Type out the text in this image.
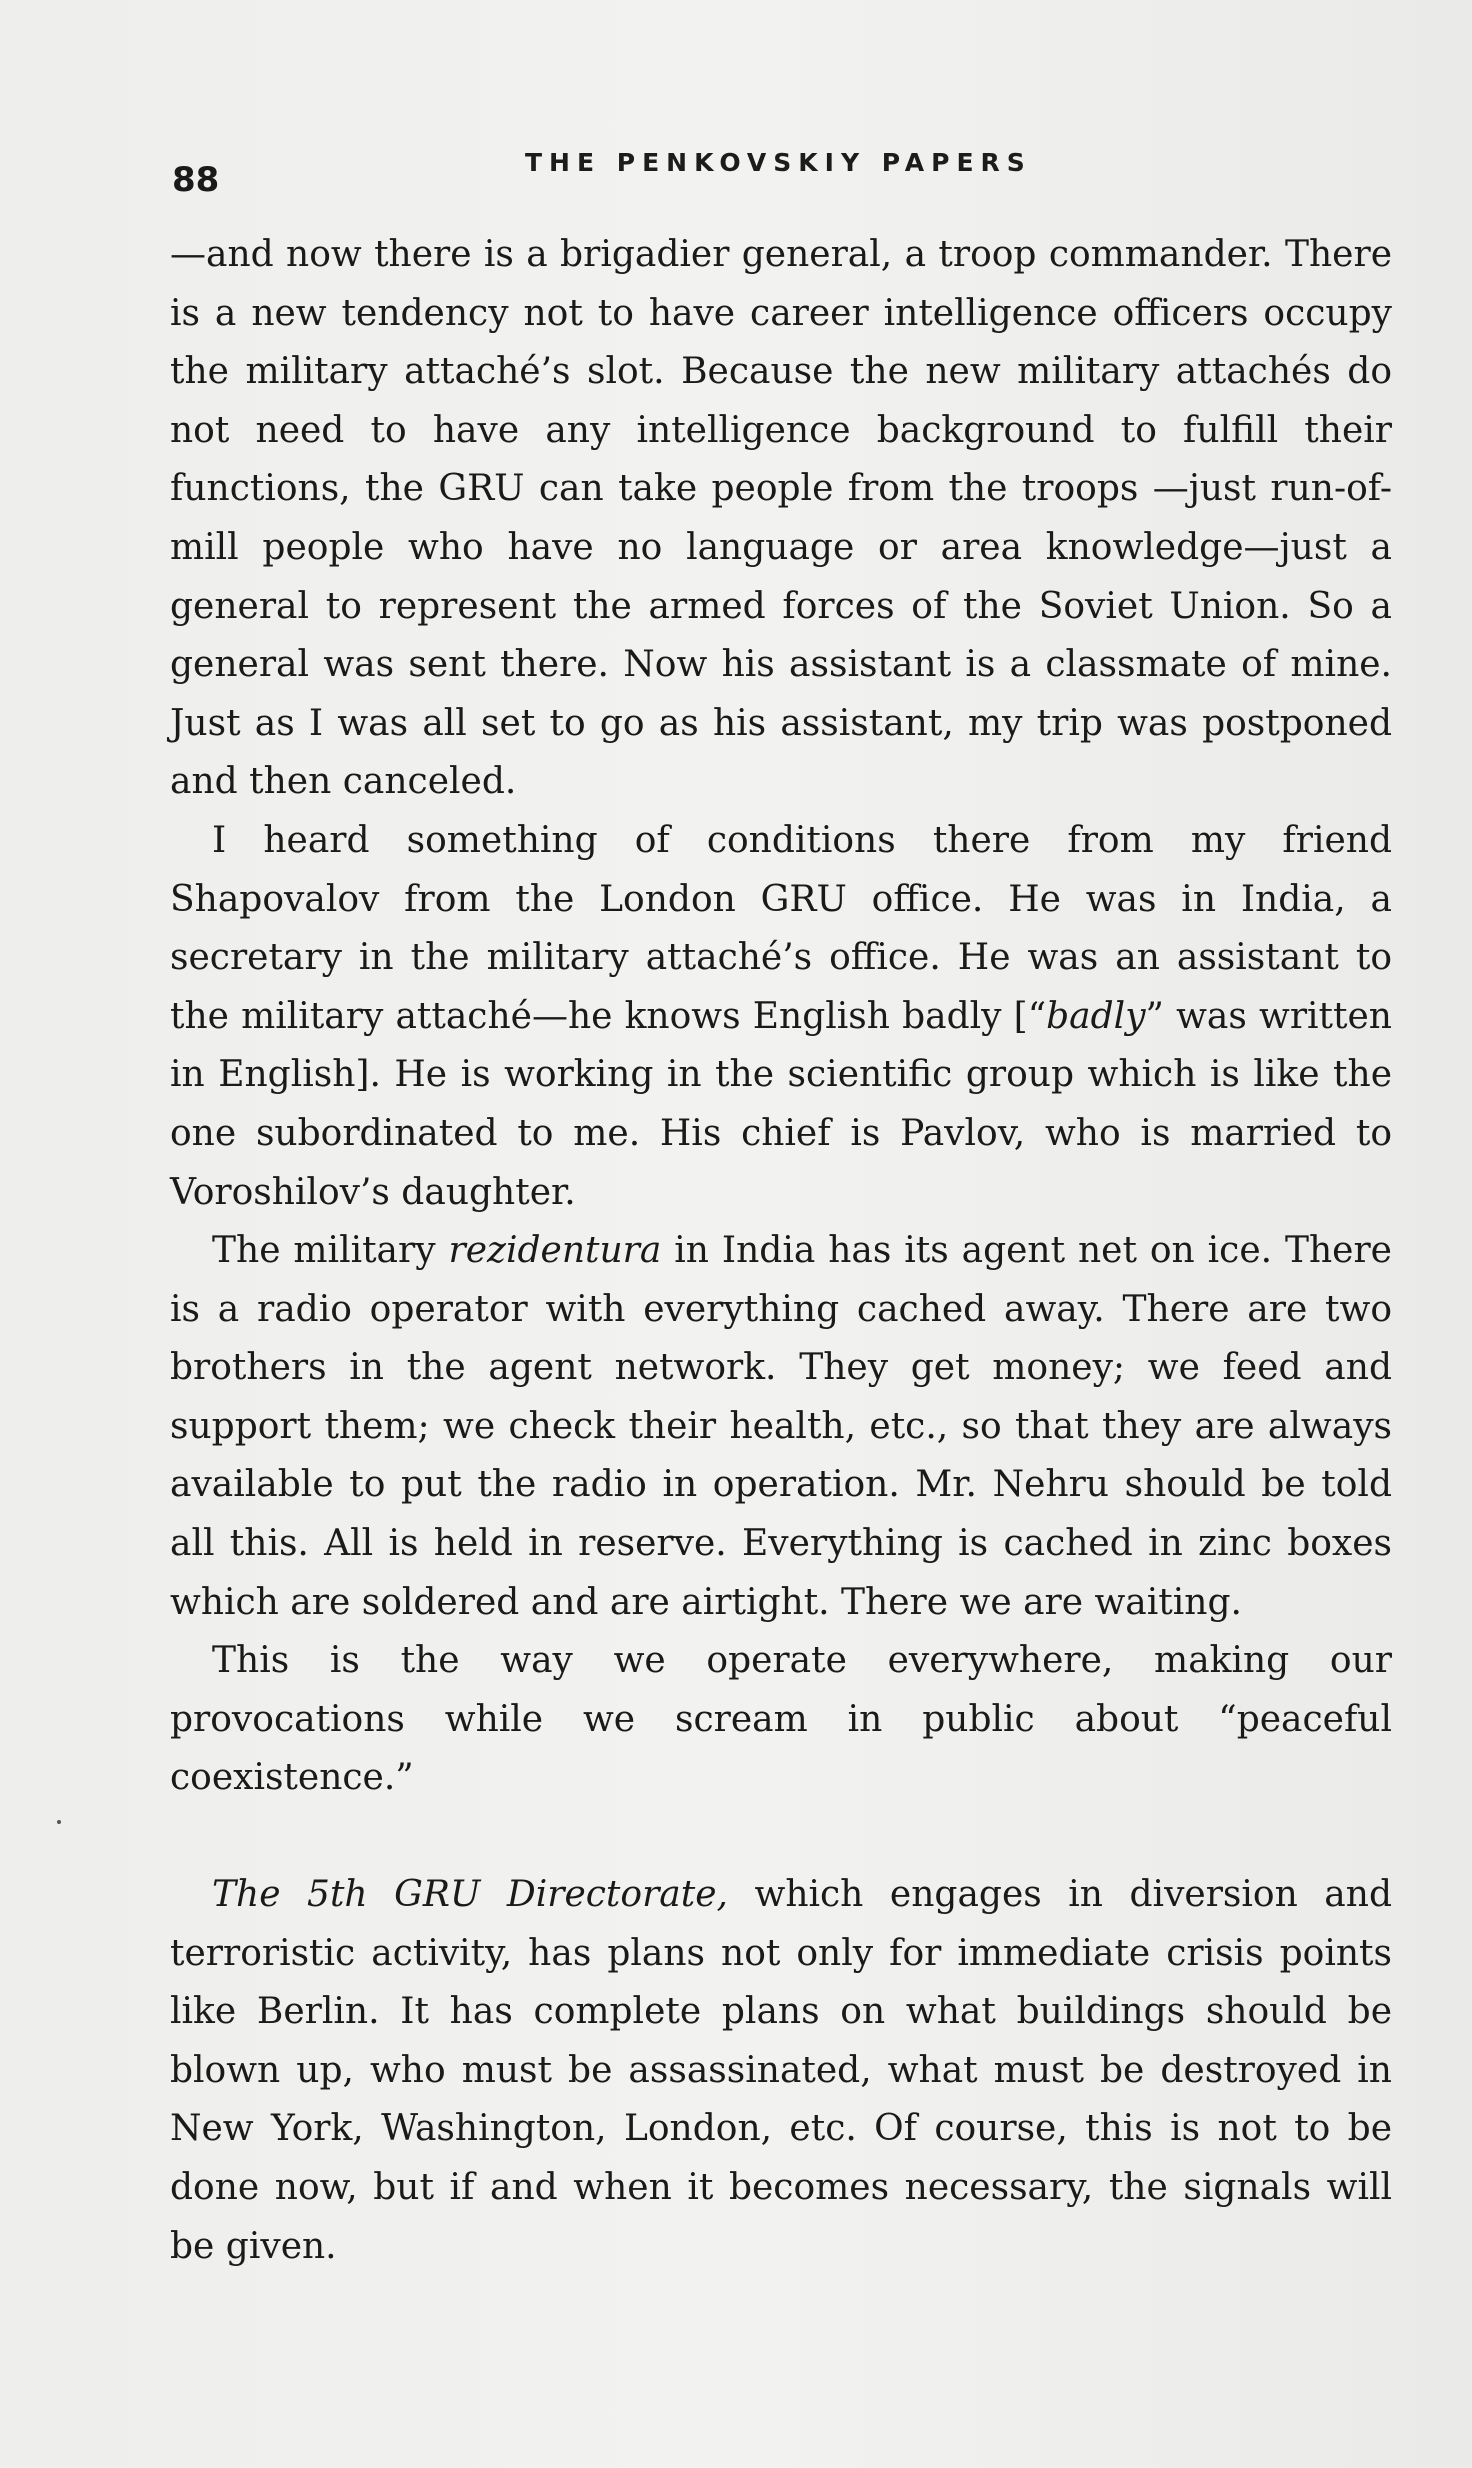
88	THE PENKOVSKIY PAPERS

—and now there is a brigadier general, a troop commander. There is a new tendency not to have career intelligence officers occupy the military attaché’s slot. Because the new military attachés do not need to have any intelligence background to fulfill their functions, the GRU can take people from the troops —just run-of-mill people who have no language or area knowledge—just a general to represent the armed forces of the Soviet Union. So a general was sent there. Now his assistant is a classmate of mine. Just as I was all set to go as his assistant, my trip was postponed and then canceled.

I heard something of conditions there from my friend Shapovalov from the London GRU office. He was in India, a secretary in the military attaché’s office. He was an assistant to the military attaché—he knows English badly [“badly” was written in English]. He is working in the scientific group which is like the one subordinated to me. His chief is Pavlov, who is married to Voroshilov’s daughter.

The military rezidentura in India has its agent net on ice. There is a radio operator with everything cached away. There are two brothers in the agent network. They get money; we feed and support them; we check their health, etc., so that they are always available to put the radio in operation. Mr. Nehru should be told all this. All is held in reserve. Everything is cached in zinc boxes which are soldered and are airtight. There we are waiting.

This is the way we operate everywhere, making our provocations while we scream in public about “peaceful coexistence.”

The 5th GRU Directorate, which engages in diversion and terroristic activity, has plans not only for immediate crisis points like Berlin. It has complete plans on what buildings should be blown up, who must be assassinated, what must be destroyed in New York, Washington, London, etc. Of course, this is not to be done now, but if and when it becomes necessary, the signals will be given.
